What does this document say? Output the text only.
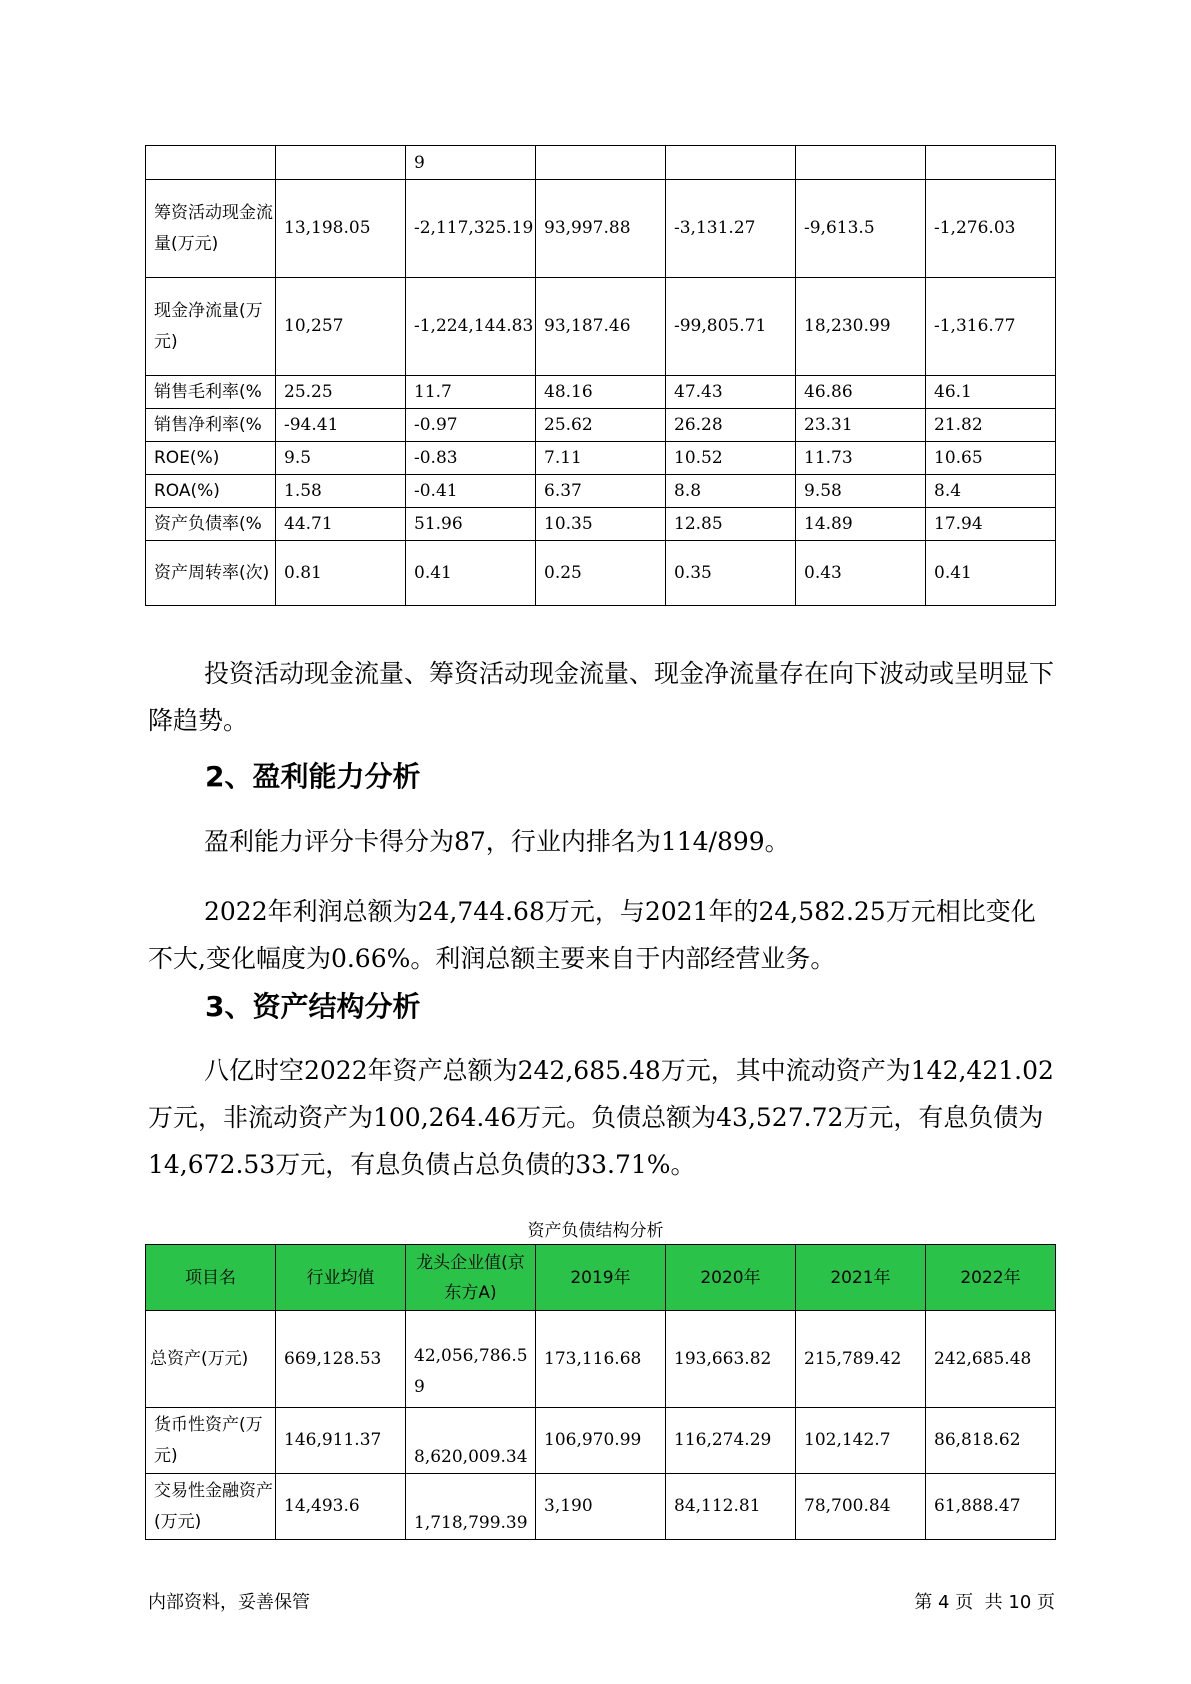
		9				
筹资活动现金流量(万元)	13,198.05	-2,117,325.19	93,997.88	-3,131.27	-9,613.5	-1,276.03
现金净流量(万元)	10,257	-1,224,144.83	93,187.46	-99,805.71	18,230.99	-1,316.77
销售毛利率(%	25.25	11.7	48.16	47.43	46.86	46.1
销售净利率(%	-94.41	-0.97	25.62	26.28	23.31	21.82
ROE(%)	9.5	-0.83	7.11	10.52	11.73	10.65
ROA(%)	1.58	-0.41	6.37	8.8	9.58	8.4
资产负债率(%	44.71	51.96	10.35	12.85	14.89	17.94
资产周转率(次)	0.81	0.41	0.25	0.35	0.43	0.41

投资活动现金流量、筹资活动现金流量、现金净流量存在向下波动或呈明显下降趋势。

2、盈利能力分析

盈利能力评分卡得分为87，行业内排名为114/899。

2022年利润总额为24,744.68万元，与2021年的24,582.25万元相比变化不大,变化幅度为0.66%。利润总额主要来自于内部经营业务。

3、资产结构分析

八亿时空2022年资产总额为242,685.48万元，其中流动资产为142,421.02万元，非流动资产为100,264.46万元。负债总额为43,527.72万元，有息负债为14,672.53万元，有息负债占总负债的33.71%。

资产负债结构分析
项目名	行业均值	龙头企业值(京东方A)	2019年	2020年	2021年	2022年
总资产(万元)	669,128.53	42,056,786.59	173,116.68	193,663.82	215,789.42	242,685.48
货币性资产(万元)	146,911.37	8,620,009.34	106,970.99	116,274.29	102,142.7	86,818.62
交易性金融资产(万元)	14,493.6	1,718,799.39	3,190	84,112.81	78,700.84	61,888.47
内部资料，妥善保管	第 4 页  共 10 页
